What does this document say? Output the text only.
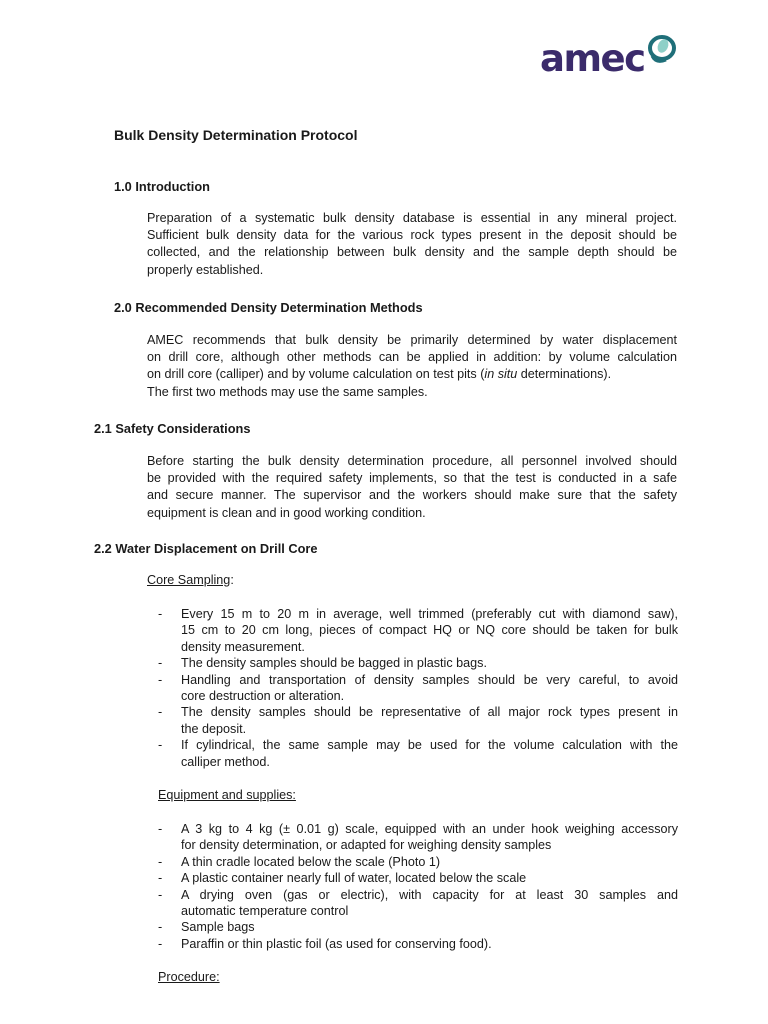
amec
Bulk Density Determination Protocol
1.0 Introduction
Preparation of a systematic bulk density database is essential in any mineral project.
Sufficient bulk density data for the various rock types present in the deposit should be
collected, and the relationship between bulk density and the sample depth should be
properly established.
2.0 Recommended Density Determination Methods
AMEC recommends that bulk density be primarily determined by water displacement
on drill core, although other methods can be applied in addition: by volume calculation
on drill core (calliper) and by volume calculation on test pits (in situ determinations).
The first two methods may use the same samples.
2.1 Safety Considerations
Before starting the bulk density determination procedure, all personnel involved should
be provided with the required safety implements, so that the test is conducted in a safe
and secure manner. The supervisor and the workers should make sure that the safety
equipment is clean and in good working condition.
2.2 Water Displacement on Drill Core
Core Sampling:
- Every 15 m to 20 m in average, well trimmed (preferably cut with diamond saw),
15 cm to 20 cm long, pieces of compact HQ or NQ core should be taken for bulk
density measurement.
- The density samples should be bagged in plastic bags.
- Handling and transportation of density samples should be very careful, to avoid
core destruction or alteration.
- The density samples should be representative of all major rock types present in
the deposit.
- If cylindrical, the same sample may be used for the volume calculation with the
calliper method.
Equipment and supplies:
- A 3 kg to 4 kg (± 0.01 g) scale, equipped with an under hook weighing accessory
for density determination, or adapted for weighing density samples
- A thin cradle located below the scale (Photo 1)
- A plastic container nearly full of water, located below the scale
- A drying oven (gas or electric), with capacity for at least 30 samples and
automatic temperature control
- Sample bags
- Paraffin or thin plastic foil (as used for conserving food).
Procedure:
